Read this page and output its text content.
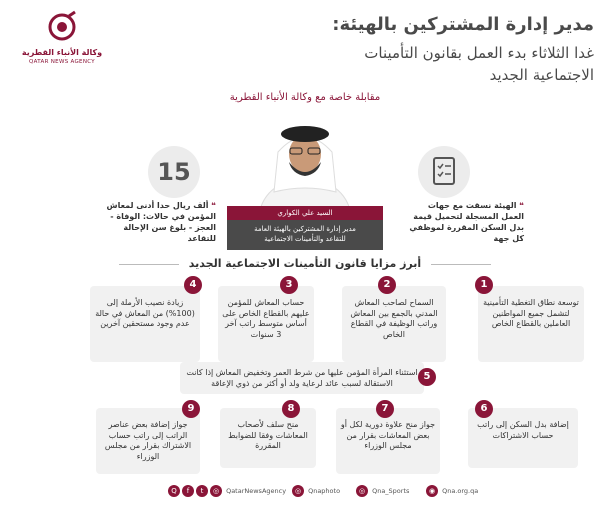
وكالة الأنباء القطرية
QATAR NEWS AGENCY
مدير إدارة المشتركين بالهيئة:
غدا الثلاثاء بدء العمل بقانون التأمينات
الاجتماعية الجديد
مقابلة خاصة مع وكالة الأنباء القطرية
السيد علي الكواري
مدير إدارة المشتركين بالهيئة العامة
للتقاعد والتأمينات الاجتماعية
15
❝ ألف ريال حدا أدنى لمعاش المؤمن في حالات: الوفاة - العجز - بلوغ سن الإحالة للتقاعد
❝ الهيئة نسقت مع جهات العمل المسجلة لتحميل قيمة بدل السكن المقررة لموظفي كل جهة
أبرز مزايا قانون التأمينات الاجتماعية الجديد
توسعة نطاق التغطية التأمينية لتشمل جميع المواطنين العاملين بالقطاع الخاص
1
السماح لصاحب المعاش المدني بالجمع بين المعاش وراتب الوظيفة في القطاع الخاص
2
حساب المعاش للمؤمن عليهم بالقطاع الخاص على أساس متوسط راتب آخر 3 سنوات
3
زيادة نصيب الأرملة إلى (100%) من المعاش في حالة عدم وجود مستحقين آخرين
4
استثناء المرأة المؤمن عليها من شرط العمر وتخفيض المعاش إذا كانت الاستقالة لسبب عائد لرعاية ولد أو أكثر من ذوي الإعاقة
5
إضافة بدل السكن إلى راتب حساب الاشتراكات
6
جواز منح علاوة دورية لكل أو بعض المعاشات بقرار من مجلس الوزراء
7
منح سلف لأصحاب المعاشات وفقا للضوابط المقررة
8
جواز إضافة بعض عناصر الراتب إلى راتب حساب الاشتراك بقرار من مجلس الوزراء
9
Q f t ◎ QatarNewsAgency	◎ Qnaphoto	◎ Qna_Sports	◉ Qna.org.qa
